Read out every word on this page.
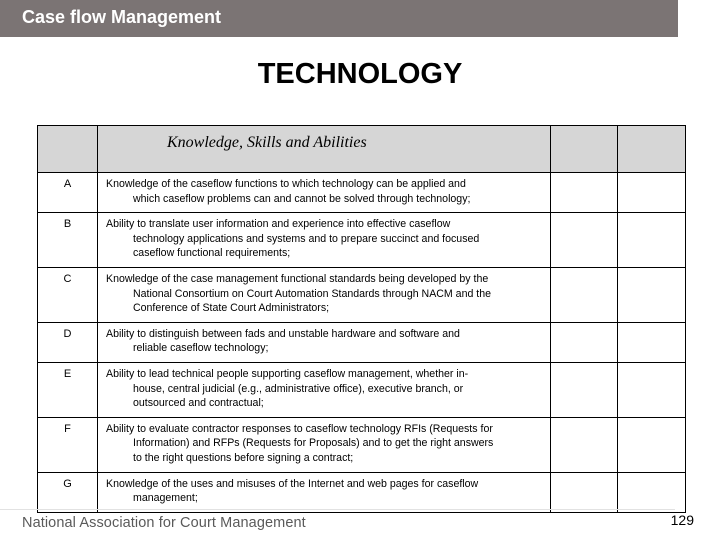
Case flow Management
TECHNOLOGY
	Knowledge, Skills and Abilities		
A	Knowledge of the caseflow functions to which technology can be applied and
which caseflow problems can and cannot be solved through technology;		

B	Ability to translate user information and experience into effective caseflow
technology applications and systems and to prepare succinct and focused
caseflow functional requirements;		

C	Knowledge of the case management functional standards being developed by the
National Consortium on Court Automation Standards through NACM and the
Conference of State Court Administrators;		

D	Ability to distinguish between fads and unstable hardware and software and
reliable caseflow technology;		

E	Ability to lead technical people supporting caseflow management, whether in-
house, central judicial (e.g., administrative office), executive branch, or
outsourced and contractual;		

F	Ability to evaluate contractor responses to caseflow technology RFIs (Requests for
Information) and RFPs (Requests for Proposals) and to get the right answers
to the right questions before signing a contract;		

G	Knowledge of the uses and misuses of the Internet and web pages for caseflow
management;		

National Association for Court Management	129
